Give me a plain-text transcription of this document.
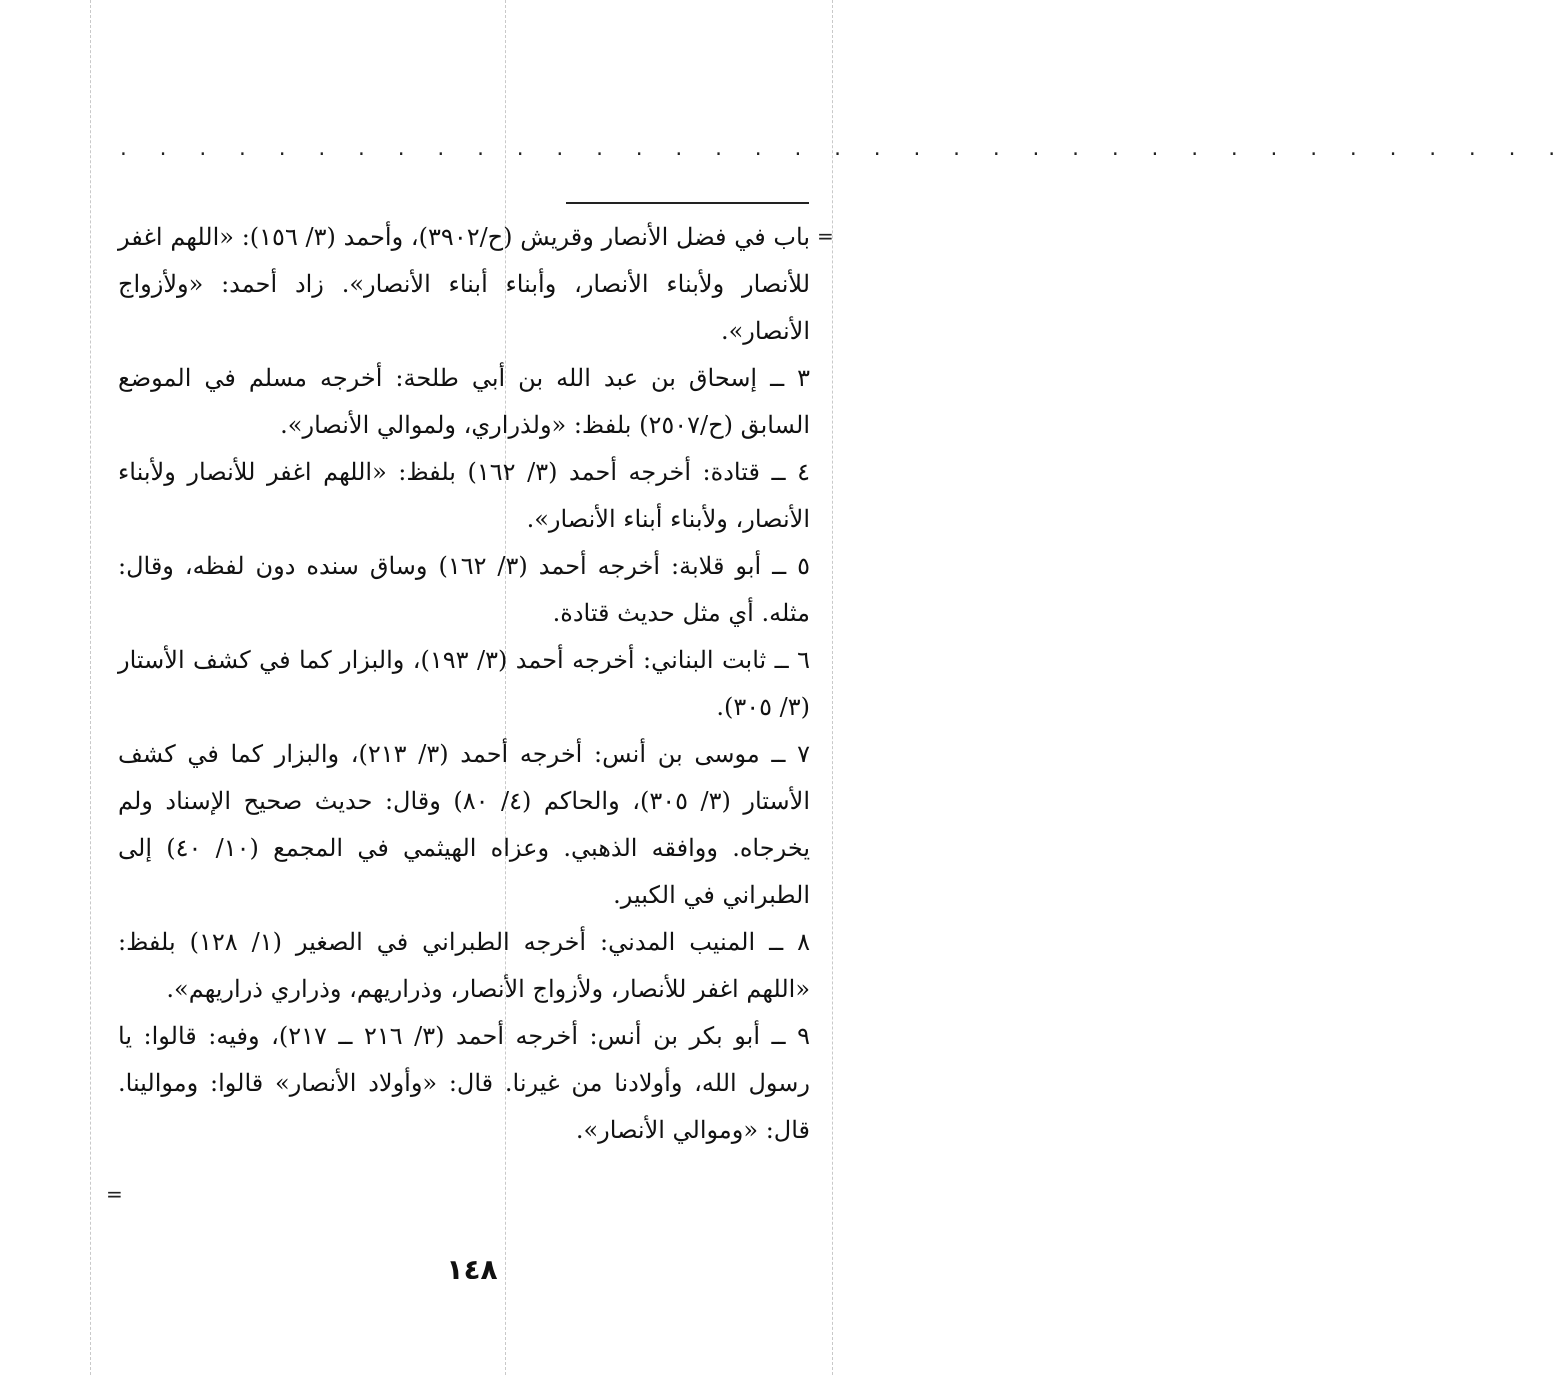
. . . . . . . . . . . . . . . . . . . . . . . . . . . . . . . . . . . . .
=
=

باب في فضل الأنصار وقريش (ح/٣٩٠٢)، وأحمد (٣/ ١٥٦): «اللهم اغفر للأنصار ولأبناء الأنصار، وأبناء أبناء الأنصار». زاد أحمد: «ولأزواج الأنصار».

٣ ــ إسحاق بن عبد الله بن أبي طلحة: أخرجه مسلم في الموضع السابق (ح/٢٥٠٧) بلفظ: «ولذراري، ولموالي الأنصار».

٤ ــ قتادة: أخرجه أحمد (٣/ ١٦٢) بلفظ: «اللهم اغفر للأنصار ولأبناء الأنصار، ولأبناء أبناء الأنصار».

٥ ــ أبو قلابة: أخرجه أحمد (٣/ ١٦٢) وساق سنده دون لفظه، وقال: مثله. أي مثل حديث قتادة.

٦ ــ ثابت البناني: أخرجه أحمد (٣/ ١٩٣)، والبزار كما في كشف الأستار (٣/ ٣٠٥).

٧ ــ موسى بن أنس: أخرجه أحمد (٣/ ٢١٣)، والبزار كما في كشف الأستار (٣/ ٣٠٥)، والحاكم (٤/ ٨٠) وقال: حديث صحيح الإسناد ولم يخرجاه. ووافقه الذهبي. وعزاه الهيثمي في المجمع (١٠/ ٤٠) إلى الطبراني في الكبير.

٨ ــ المنيب المدني: أخرجه الطبراني في الصغير (١/ ١٢٨) بلفظ: «اللهم اغفر للأنصار، ولأزواج الأنصار، وذراريهم، وذراري ذراريهم».

٩ ــ أبو بكر بن أنس: أخرجه أحمد (٣/ ٢١٦ ــ ٢١٧)، وفيه: قالوا: يا رسول الله، وأولادنا من غيرنا. قال: «وأولاد الأنصار» قالوا: وموالينا. قال: «وموالي الأنصار».

١٤٨
